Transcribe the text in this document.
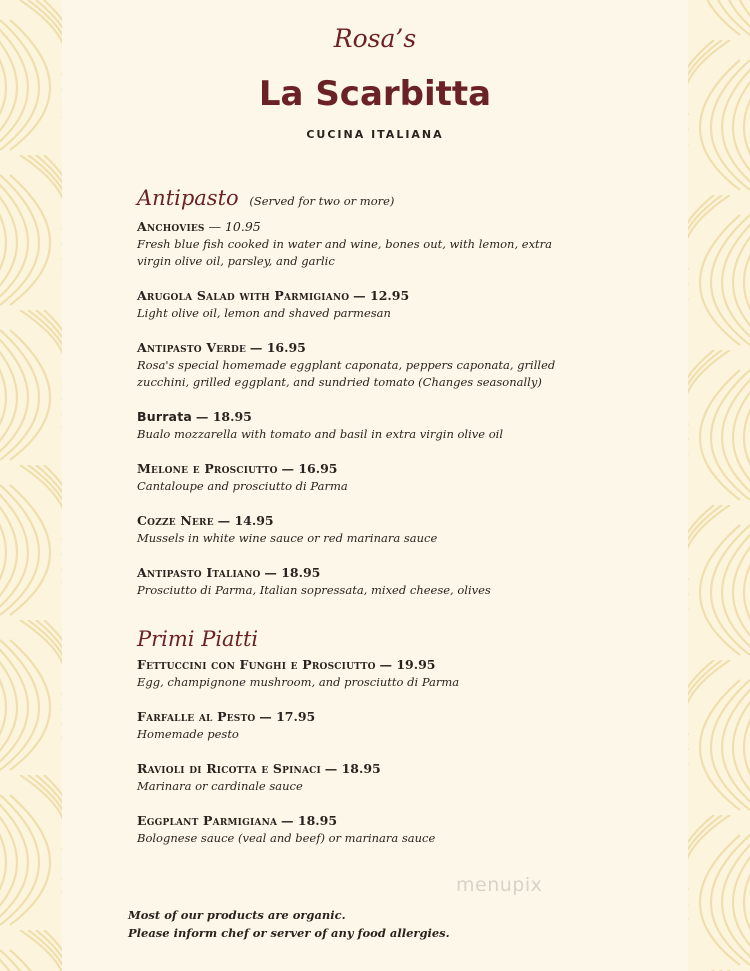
Rosa’s

La Scarbitta

CUCINA ITALIANA

Antipasto (Served for two or more)
Anchovies — 10.95

Fresh blue fish cooked in water and wine, bones out, with lemon, extra virgin olive oil, parsley, and garlic

Arugola Salad with Parmigiano — 12.95

Light olive oil, lemon and shaved parmesan

Antipasto Verde — 16.95

Rosa's special homemade eggplant caponata, peppers caponata, grilled zucchini, grilled eggplant, and sundried tomato (Changes seasonally)

Burrata — 18.95

Bualo mozzarella with tomato and basil in extra virgin olive oil

Melone e Prosciutto — 16.95

Cantaloupe and prosciutto di Parma

Cozze Nere — 14.95

Mussels in white wine sauce or red marinara sauce

Antipasto Italiano — 18.95

Prosciutto di Parma, Italian sopressata, mixed cheese, olives

Primi Piatti
Fettuccini con Funghi e Prosciutto — 19.95

Egg, champignone mushroom, and prosciutto di Parma

Farfalle al Pesto — 17.95

Homemade pesto

Ravioli di Ricotta e Spinaci — 18.95

Marinara or cardinale sauce

Eggplant Parmigiana — 18.95

Bolognese sauce (veal and beef) or marinara sauce

menupix
Most of our products are organic.
Please inform chef or server of any food allergies.
